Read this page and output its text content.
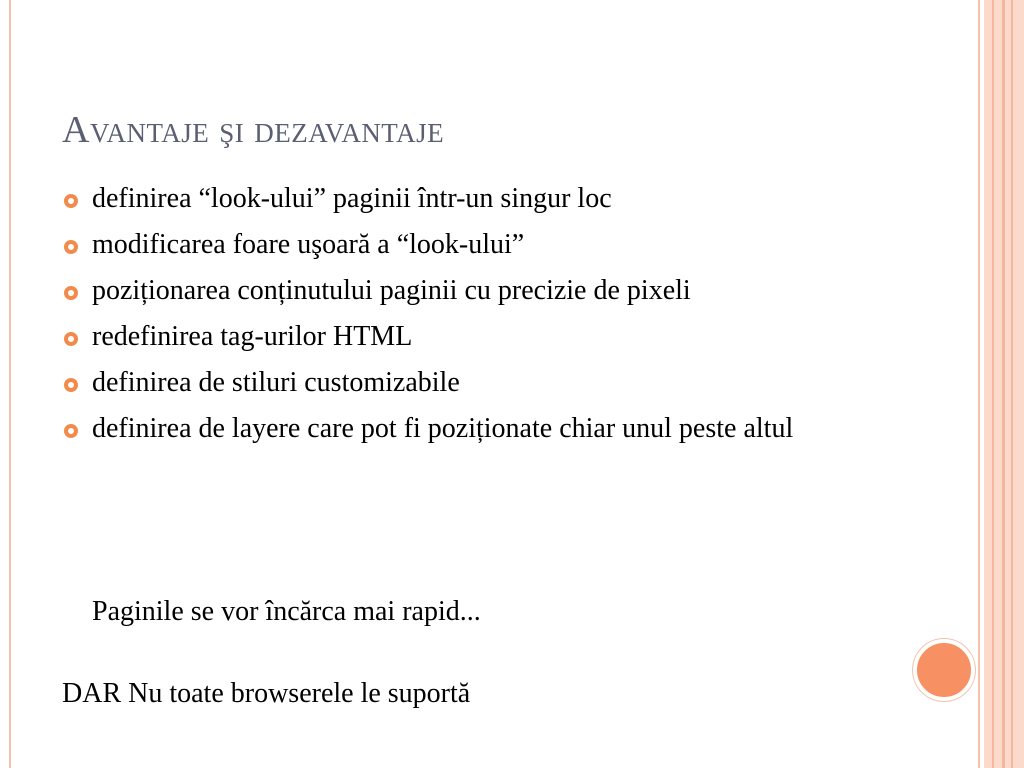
Avantaje şi dezavantaje
definirea “look-ului” paginii într-un singur loc
modificarea foare uşoară a “look-ului”
poziționarea conținutului paginii cu precizie de pixeli
redefinirea tag-urilor HTML
definirea de stiluri customizabile
definirea de layere care pot fi poziționate chiar unul peste altul
Paginile se vor încărca mai rapid...
DAR Nu toate browserele le suportă
